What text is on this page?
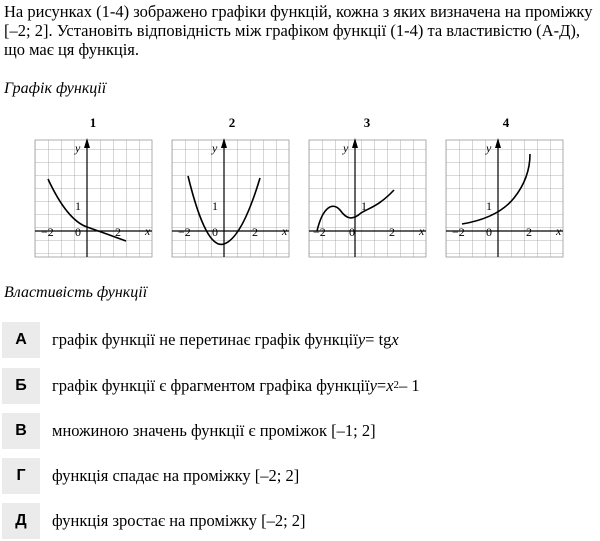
На рисунках (1-4) зображено графіки функцій, кожна з яких визначена на проміжку [–2; 2]. Установіть відповідність між графіком функції (1-4) та властивістю (А-Д), що має ця функція.
Графік функції
1
y
x
−2 0	2
1
2
y
x
−2 0	2
1
3
y
x
−2 0	2
1
4
y
x
−2 0	2
1
Властивість функції
А	графік функції не перетинає графік функції y = tg x
Б	графік функції є фрагментом графіка функції $y = x^2 - 1$
В	множиною значень функції є проміжок [–1; 2]
Г	функція спадає на проміжку [–2; 2]
Д	функція зростає на проміжку [–2; 2]
